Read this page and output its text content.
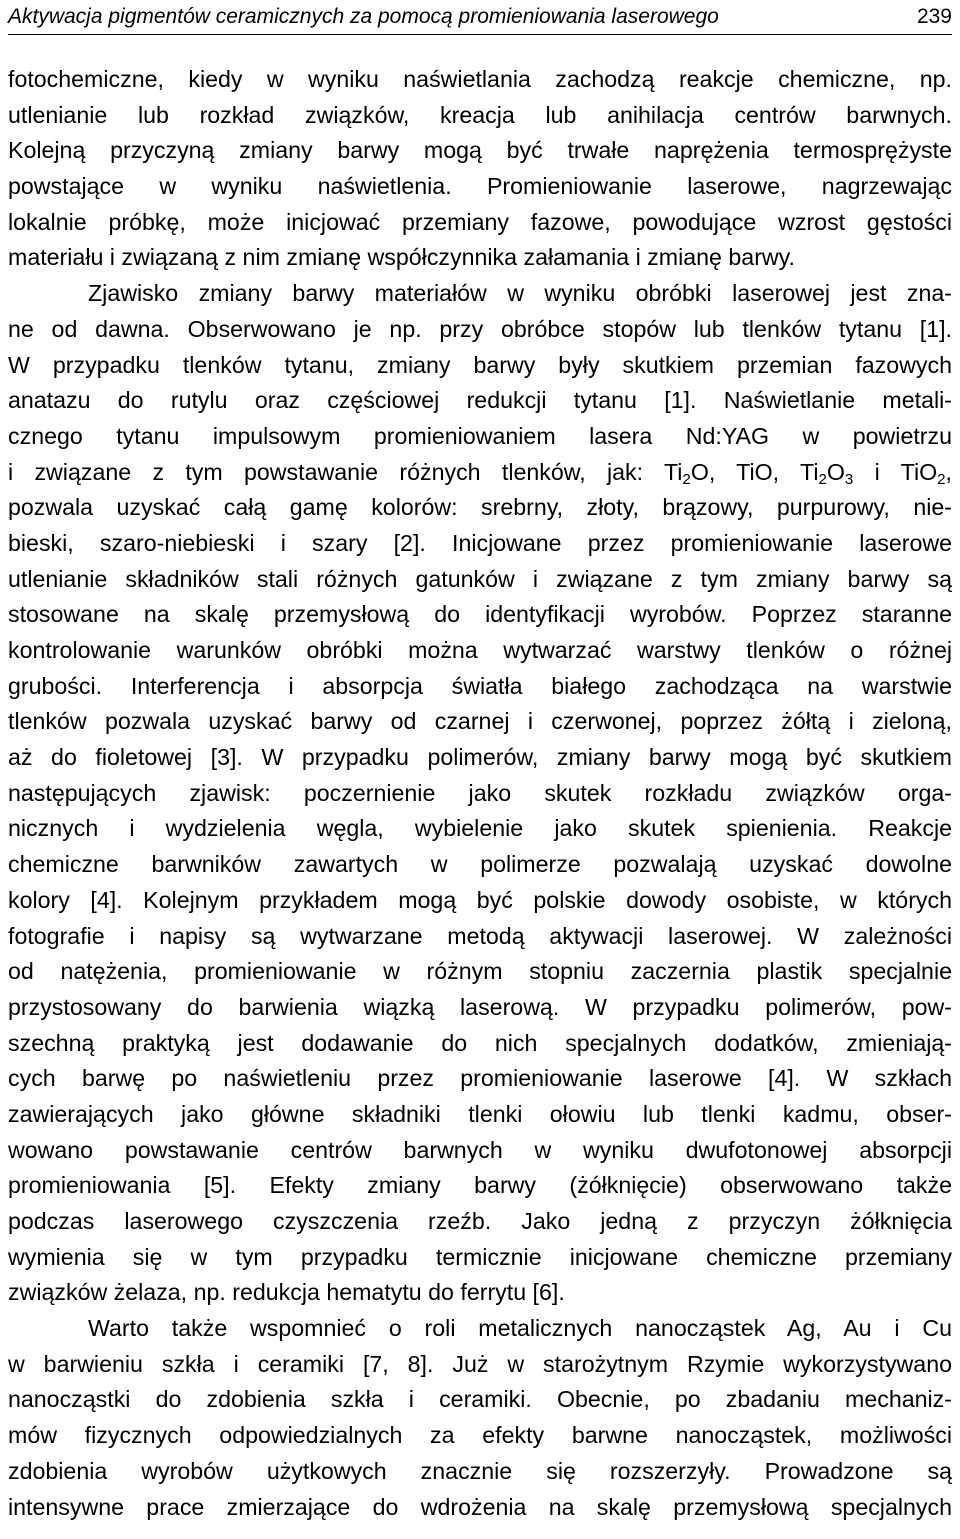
Aktywacja pigmentów ceramicznych za pomocą promieniowania laserowego	239
fotochemiczne, kiedy w wyniku naświetlania zachodzą reakcje chemiczne, np.
utlenianie lub rozkład związków, kreacja lub anihilacja centrów barwnych.
Kolejną przyczyną zmiany barwy mogą być trwałe naprężenia termosprężyste
powstające w wyniku naświetlenia. Promieniowanie laserowe, nagrzewając
lokalnie próbkę, może inicjować przemiany fazowe, powodujące wzrost gęstości
materiału i związaną z nim zmianę współczynnika załamania i zmianę barwy.
Zjawisko zmiany barwy materiałów w wyniku obróbki laserowej jest zna-
ne od dawna. Obserwowano je np. przy obróbce stopów lub tlenków tytanu [1].
W przypadku tlenków tytanu, zmiany barwy były skutkiem przemian fazowych
anatazu do rutylu oraz częściowej redukcji tytanu [1]. Naświetlanie metali-
cznego tytanu impulsowym promieniowaniem lasera Nd:YAG w powietrzu
i związane z tym powstawanie różnych tlenków, jak: $Ti_2O$, TiO, $Ti_2O_3$ i TiO$_2$,
pozwala uzyskać całą gamę kolorów: srebrny, złoty, brązowy, purpurowy, nie-
bieski, szaro-niebieski i szary [2]. Inicjowane przez promieniowanie laserowe
utlenianie składników stali różnych gatunków i związane z tym zmiany barwy są
stosowane na skalę przemysłową do identyfikacji wyrobów. Poprzez staranne
kontrolowanie warunków obróbki można wytwarzać warstwy tlenków o różnej
grubości. Interferencja i absorpcja światła białego zachodząca na warstwie
tlenków pozwala uzyskać barwy od czarnej i czerwonej, poprzez żółtą i zieloną,
aż do fioletowej [3]. W przypadku polimerów, zmiany barwy mogą być skutkiem
następujących zjawisk: poczernienie jako skutek rozkładu związków orga-
nicznych i wydzielenia węgla, wybielenie jako skutek spienienia. Reakcje
chemiczne barwników zawartych w polimerze pozwalają uzyskać dowolne
kolory [4]. Kolejnym przykładem mogą być polskie dowody osobiste, w których
fotografie i napisy są wytwarzane metodą aktywacji laserowej. W zależności
od natężenia, promieniowanie w różnym stopniu zaczernia plastik specjalnie
przystosowany do barwienia wiązką laserową. W przypadku polimerów, pow-
szechną praktyką jest dodawanie do nich specjalnych dodatków, zmieniają-
cych barwę po naświetleniu przez promieniowanie laserowe [4]. W szkłach
zawierających jako główne składniki tlenki ołowiu lub tlenki kadmu, obser-
wowano powstawanie centrów barwnych w wyniku dwufotonowej absorpcji
promieniowania [5]. Efekty zmiany barwy (żółknięcie) obserwowano także
podczas laserowego czyszczenia rzeźb. Jako jedną z przyczyn żółknięcia
wymienia się w tym przypadku termicznie inicjowane chemiczne przemiany
związków żelaza, np. redukcja hematytu do ferrytu [6].
Warto także wspomnieć o roli metalicznych nanocząstek Ag, Au i Cu
w barwieniu szkła i ceramiki [7, 8]. Już w starożytnym Rzymie wykorzystywano
nanocząstki do zdobienia szkła i ceramiki. Obecnie, po zbadaniu mechaniz-
mów fizycznych odpowiedzialnych za efekty barwne nanocząstek, możliwości
zdobienia wyrobów użytkowych znacznie się rozszerzyły. Prowadzone są
intensywne prace zmierzające do wdrożenia na skalę przemysłową specjalnych
